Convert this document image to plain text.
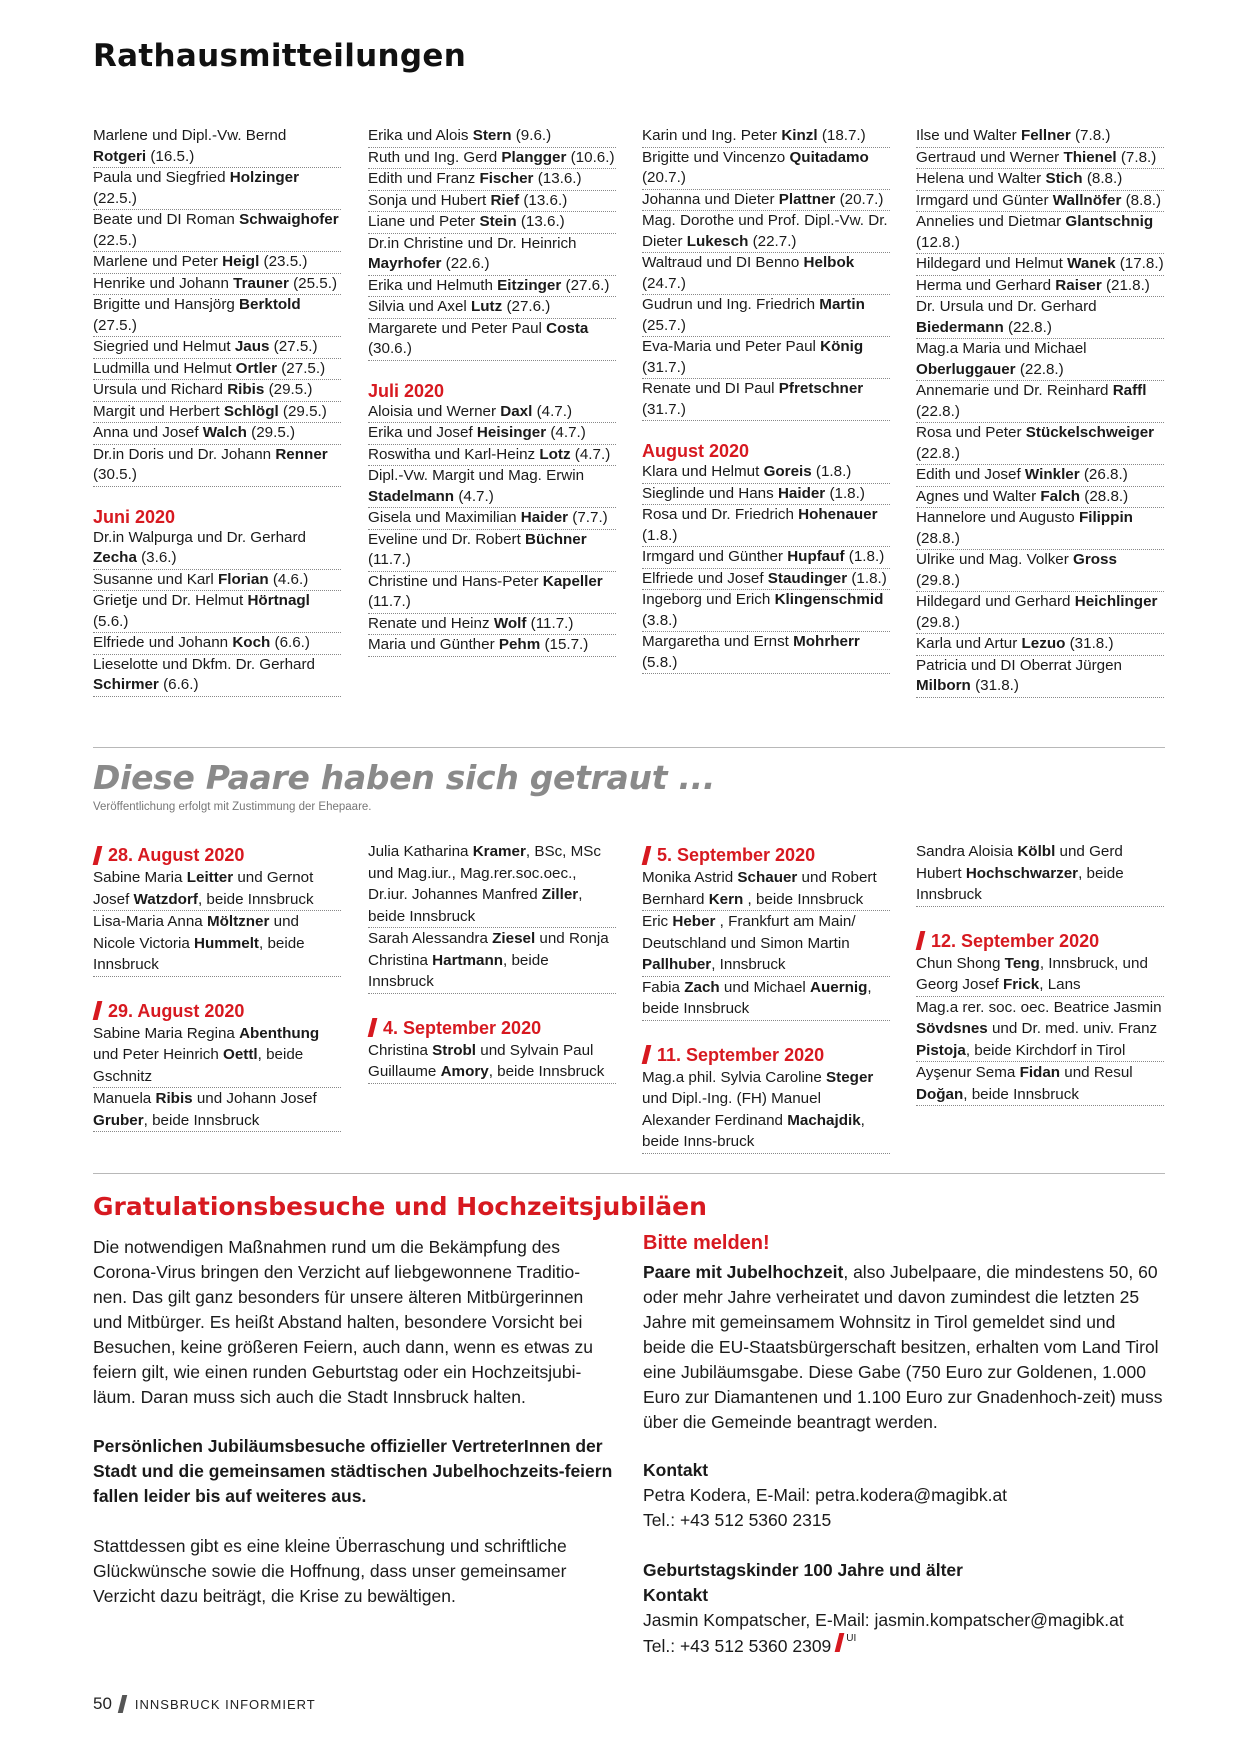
Rathausmitteilungen

Marlene und Dipl.-Vw. Bernd Rotgeri (16.5.)

Paula und Siegfried Holzinger (22.5.)

Beate und DI Roman Schwaighofer (22.5.)

Marlene und Peter Heigl (23.5.)

Henrike und Johann Trauner (25.5.)

Brigitte und Hansjörg Berktold (27.5.)

Siegried und Helmut Jaus (27.5.)

Ludmilla und Helmut Ortler (27.5.)

Ursula und Richard Ribis (29.5.)

Margit und Herbert Schlögl (29.5.)

Anna und Josef Walch (29.5.)

Dr.in Doris und Dr. Johann Renner (30.5.)

Juni 2020

Dr.in Walpurga und Dr. Gerhard Zecha (3.6.)

Susanne und Karl Florian (4.6.)

Grietje und Dr. Helmut Hörtnagl (5.6.)

Elfriede und Johann Koch (6.6.)

Lieselotte und Dkfm. Dr. Gerhard Schirmer (6.6.)

Erika und Alois Stern (9.6.)

Ruth und Ing. Gerd Plangger (10.6.)

Edith und Franz Fischer (13.6.)

Sonja und Hubert Rief (13.6.)

Liane und Peter Stein (13.6.)

Dr.in Christine und Dr. Heinrich Mayrhofer (22.6.)

Erika und Helmuth Eitzinger (27.6.)

Silvia und Axel Lutz (27.6.)

Margarete und Peter Paul Costa (30.6.)

Juli 2020

Aloisia und Werner Daxl (4.7.)

Erika und Josef Heisinger (4.7.)

Roswitha und Karl-Heinz Lotz (4.7.)

Dipl.-Vw. Margit und Mag. Erwin Stadelmann (4.7.)

Gisela und Maximilian Haider (7.7.)

Eveline und Dr. Robert Büchner (11.7.)

Christine und Hans-Peter Kapeller (11.7.)

Renate und Heinz Wolf (11.7.)

Maria und Günther Pehm (15.7.)

Karin und Ing. Peter Kinzl (18.7.)

Brigitte und Vincenzo Quitadamo (20.7.)

Johanna und Dieter Plattner (20.7.)

Mag. Dorothe und Prof. Dipl.-Vw. Dr. Dieter Lukesch (22.7.)

Waltraud und DI Benno Helbok (24.7.)

Gudrun und Ing. Friedrich Martin (25.7.)

Eva-Maria und Peter Paul König (31.7.)

Renate und DI Paul Pfretschner (31.7.)

August 2020

Klara und Helmut Goreis (1.8.)

Sieglinde und Hans Haider (1.8.)

Rosa und Dr. Friedrich Hohenauer (1.8.)

Irmgard und Günther Hupfauf (1.8.)

Elfriede und Josef Staudinger (1.8.)

Ingeborg und Erich Klingenschmid (3.8.)

Margaretha und Ernst Mohrherr (5.8.)

Ilse und Walter Fellner (7.8.)

Gertraud und Werner Thienel (7.8.)

Helena und Walter Stich (8.8.)

Irmgard und Günter Wallnöfer (8.8.)

Annelies und Dietmar Glantschnig (12.8.)

Hildegard und Helmut Wanek (17.8.)

Herma und Gerhard Raiser (21.8.)

Dr. Ursula und Dr. Gerhard Biedermann (22.8.)

Mag.a Maria und Michael Oberluggauer (22.8.)

Annemarie und Dr. Reinhard Raffl (22.8.)

Rosa und Peter Stückelschweiger (22.8.)

Edith und Josef Winkler (26.8.)

Agnes und Walter Falch (28.8.)

Hannelore und Augusto Filippin (28.8.)

Ulrike und Mag. Volker Gross (29.8.)

Hildegard und Gerhard Heichlinger (29.8.)

Karla und Artur Lezuo (31.8.)

Patricia und DI Oberrat Jürgen Milborn (31.8.)

Diese Paare haben sich getraut ...

Veröffentlichung erfolgt mit Zustimmung der Ehepaare.

28. August 2020

Sabine Maria Leitter und Gernot Josef Watzdorf, beide Innsbruck

Lisa-Maria Anna Möltzner und Nicole Victoria Hummelt, beide Innsbruck

29. August 2020

Sabine Maria Regina Abenthung und Peter Heinrich Oettl, beide Gschnitz

Manuela Ribis und Johann Josef Gruber, beide Innsbruck

Julia Katharina Kramer, BSc, MSc und Mag.iur., Mag.rer.soc.oec., Dr.iur. Johannes Manfred Ziller, beide Innsbruck

Sarah Alessandra Ziesel und Ronja Christina Hartmann, beide Innsbruck

4. September 2020

Christina Strobl und Sylvain Paul Guillaume Amory, beide Innsbruck

5. September 2020

Monika Astrid Schauer und Robert Bernhard Kern , beide Innsbruck

Eric Heber , Frankfurt am Main/ Deutschland und Simon Martin Pallhuber, Innsbruck

Fabia Zach und Michael Auernig, beide Innsbruck

11. September 2020

Mag.a phil. Sylvia Caroline Steger und Dipl.-Ing. (FH) Manuel Alexander Ferdinand Machajdik, beide Inns-bruck

Sandra Aloisia Kölbl und Gerd Hubert Hochschwarzer, beide Innsbruck

12. September 2020

Chun Shong Teng, Innsbruck, und Georg Josef Frick, Lans

Mag.a rer. soc. oec. Beatrice Jasmin Sövdsnes und Dr. med. univ. Franz Pistoja, beide Kirchdorf in Tirol

Ayşenur Sema Fidan und Resul Doğan, beide Innsbruck

Gratulationsbesuche und Hochzeitsjubiläen

Die notwendigen Maßnahmen rund um die Bekämpfung des Corona-Virus bringen den Verzicht auf liebgewonnene Traditio-nen. Das gilt ganz besonders für unsere älteren Mitbürgerinnen und Mitbürger. Es heißt Abstand halten, besondere Vorsicht bei Besuchen, keine größeren Feiern, auch dann, wenn es etwas zu feiern gilt, wie einen runden Geburtstag oder ein Hochzeitsjubi-läum. Daran muss sich auch die Stadt Innsbruck halten.

Persönlichen Jubiläumsbesuche offizieller VertreterInnen der Stadt und die gemeinsamen städtischen Jubelhochzeits-feiern fallen leider bis auf weiteres aus.

Stattdessen gibt es eine kleine Überraschung und schriftliche Glückwünsche sowie die Hoffnung, dass unser gemeinsamer Verzicht dazu beiträgt, die Krise zu bewältigen.

Bitte melden!

Paare mit Jubelhochzeit, also Jubelpaare, die mindestens 50, 60 oder mehr Jahre verheiratet und davon zumindest die letzten 25 Jahre mit gemeinsamem Wohnsitz in Tirol gemeldet sind und beide die EU-Staatsbürgerschaft besitzen, erhalten vom Land Tirol eine Jubiläumsgabe. Diese Gabe (750 Euro zur Goldenen, 1.000 Euro zur Diamantenen und 1.100 Euro zur Gnadenhoch-zeit) muss über die Gemeinde beantragt werden.

Kontakt
Petra Kodera, E-Mail: petra.kodera@magibk.at
Tel.: +43 512 5360 2315
Geburtstagskinder 100 Jahre und älter
Kontakt
Jasmin Kompatscher, E-Mail: jasmin.kompatscher@magibk.at
Tel.: +43 512 5360 2309 UI
50 INNSBRUCK INFORMIERT
